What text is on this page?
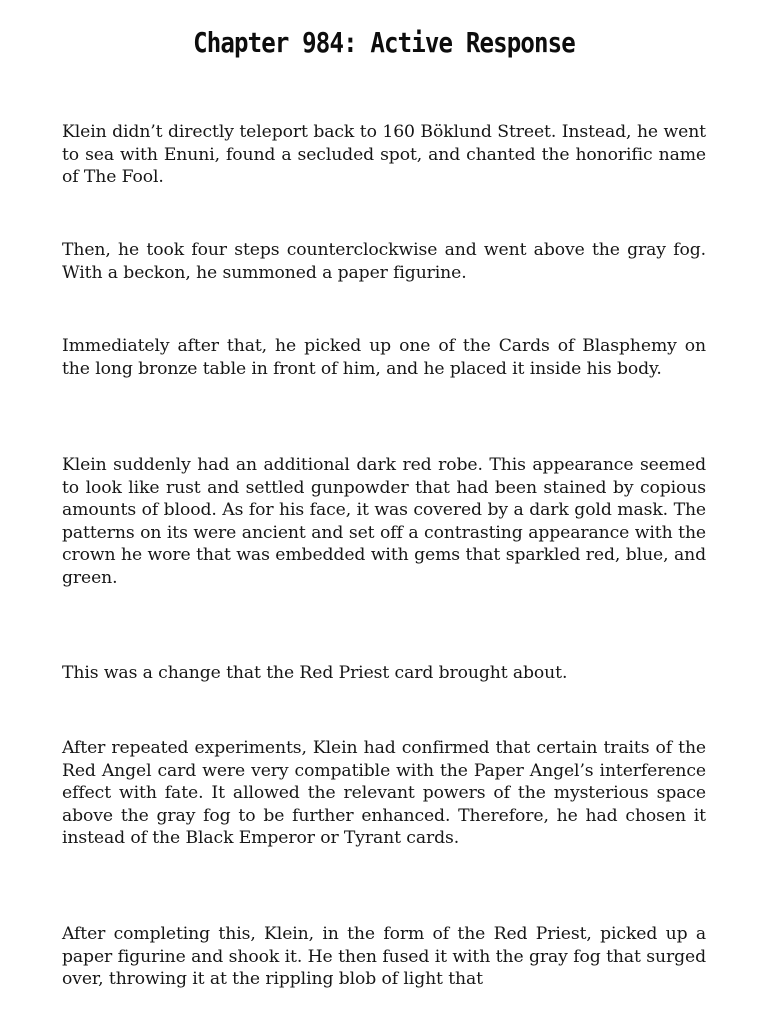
Chapter 984: Active Response

Klein didn’t directly teleport back to 160 Böklund Street. Instead, he went to sea with Enuni, found a secluded spot, and chanted the honorific name of The Fool.

Then, he took four steps counterclockwise and went above the gray fog. With a beckon, he summoned a paper figurine.

Immediately after that, he picked up one of the Cards of Blasphemy on the long bronze table in front of him, and he placed it inside his body.

Klein suddenly had an additional dark red robe. This appearance seemed to look like rust and settled gunpowder that had been stained by copious amounts of blood. As for his face, it was covered by a dark gold mask. The patterns on its were ancient and set off a contrasting appearance with the crown he wore that was embedded with gems that sparkled red, blue, and green.

This was a change that the Red Priest card brought about.

After repeated experiments, Klein had confirmed that certain traits of the Red Angel card were very compatible with the Paper Angel’s interference effect with fate. It allowed the relevant powers of the mysterious space above the gray fog to be further enhanced. Therefore, he had chosen it instead of the Black Emperor or Tyrant cards.

After completing this, Klein, in the form of the Red Priest, picked up a paper figurine and shook it. He then fused it with the gray fog that surged over, throwing it at the rippling blob of light that
